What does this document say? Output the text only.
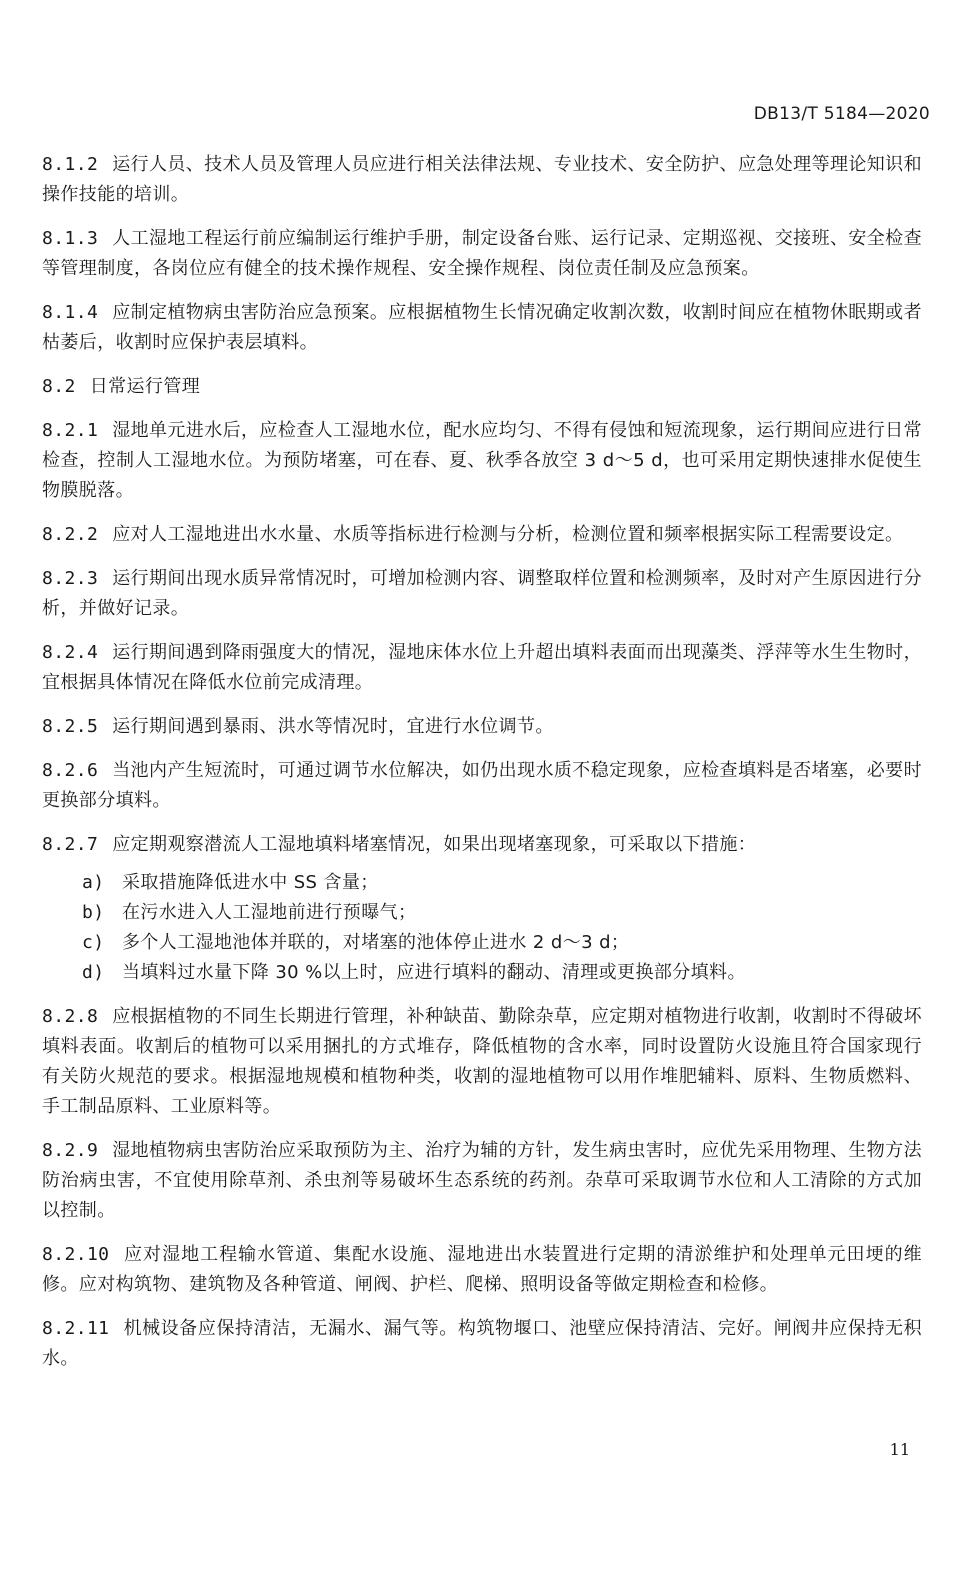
DB13/T 5184—2020

8.1.2 运行人员、技术人员及管理人员应进行相关法律法规、专业技术、安全防护、应急处理等理论知识和操作技能的培训。

8.1.3 人工湿地工程运行前应编制运行维护手册，制定设备台账、运行记录、定期巡视、交接班、安全检查等管理制度，各岗位应有健全的技术操作规程、安全操作规程、岗位责任制及应急预案。

8.1.4 应制定植物病虫害防治应急预案。应根据植物生长情况确定收割次数，收割时间应在植物休眠期或者枯萎后，收割时应保护表层填料。

8.2 日常运行管理

8.2.1 湿地单元进水后，应检查人工湿地水位，配水应均匀、不得有侵蚀和短流现象，运行期间应进行日常检查，控制人工湿地水位。为预防堵塞，可在春、夏、秋季各放空 3 d～5 d，也可采用定期快速排水促使生物膜脱落。

8.2.2 应对人工湿地进出水水量、水质等指标进行检测与分析，检测位置和频率根据实际工程需要设定。

8.2.3 运行期间出现水质异常情况时，可增加检测内容、调整取样位置和检测频率，及时对产生原因进行分析，并做好记录。

8.2.4 运行期间遇到降雨强度大的情况，湿地床体水位上升超出填料表面而出现藻类、浮萍等水生生物时，宜根据具体情况在降低水位前完成清理。

8.2.5 运行期间遇到暴雨、洪水等情况时，宜进行水位调节。

8.2.6 当池内产生短流时，可通过调节水位解决，如仍出现水质不稳定现象，应检查填料是否堵塞，必要时更换部分填料。

8.2.7 应定期观察潜流人工湿地填料堵塞情况，如果出现堵塞现象，可采取以下措施：

a) 采取措施降低进水中 SS 含量；
b) 在污水进入人工湿地前进行预曝气；
c) 多个人工湿地池体并联的，对堵塞的池体停止进水 2 d～3 d；
d) 当填料过水量下降 30 %以上时，应进行填料的翻动、清理或更换部分填料。

8.2.8 应根据植物的不同生长期进行管理，补种缺苗、勤除杂草，应定期对植物进行收割，收割时不得破坏填料表面。收割后的植物可以采用捆扎的方式堆存，降低植物的含水率，同时设置防火设施且符合国家现行有关防火规范的要求。根据湿地规模和植物种类，收割的湿地植物可以用作堆肥辅料、原料、生物质燃料、手工制品原料、工业原料等。

8.2.9 湿地植物病虫害防治应采取预防为主、治疗为辅的方针，发生病虫害时，应优先采用物理、生物方法防治病虫害，不宜使用除草剂、杀虫剂等易破坏生态系统的药剂。杂草可采取调节水位和人工清除的方式加以控制。

8.2.10 应对湿地工程输水管道、集配水设施、湿地进出水装置进行定期的清淤维护和处理单元田埂的维修。应对构筑物、建筑物及各种管道、闸阀、护栏、爬梯、照明设备等做定期检查和检修。

8.2.11 机械设备应保持清洁，无漏水、漏气等。构筑物堰口、池壁应保持清洁、完好。闸阀井应保持无积水。

11
